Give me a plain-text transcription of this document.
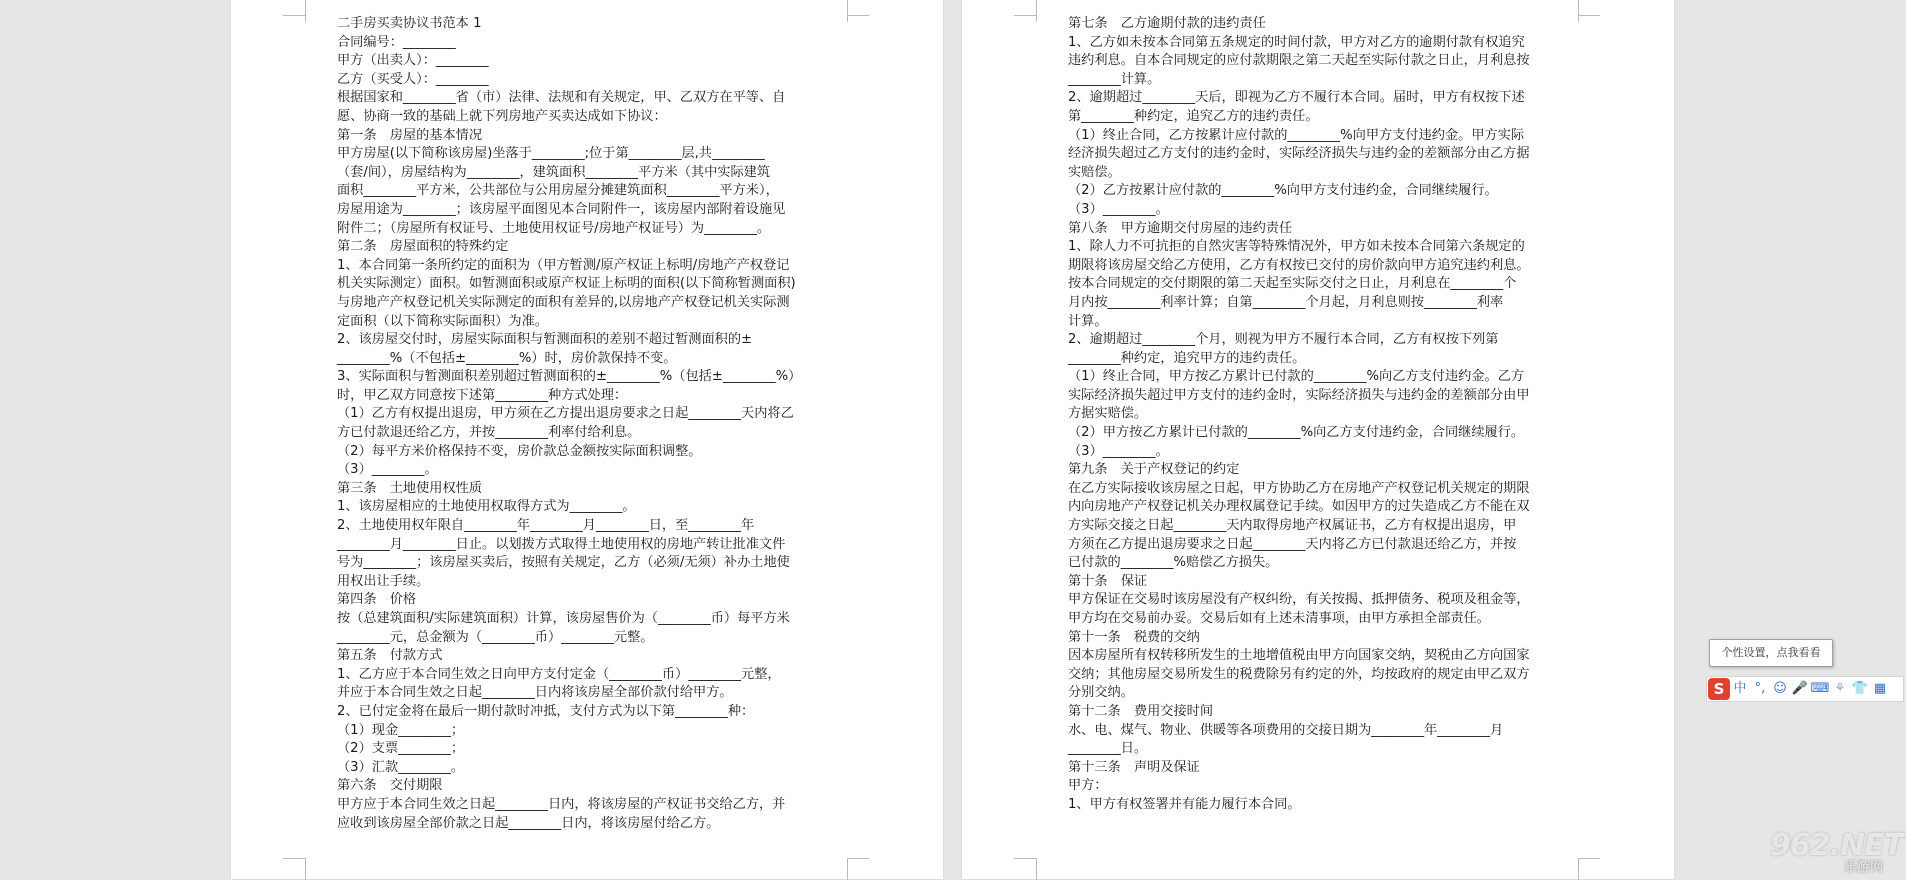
二手房买卖协议书范本 1
合同编号：________
甲方（出卖人）：________
乙方（买受人）：________
根据国家和________省（市）法律、法规和有关规定，甲、乙双方在平等、自
愿、协商一致的基础上就下列房地产买卖达成如下协议：
第一条　房屋的基本情况
甲方房屋(以下简称该房屋)坐落于________;位于第________层,共________
（套/间），房屋结构为________，建筑面积________平方米（其中实际建筑
面积________平方米，公共部位与公用房屋分摊建筑面积________平方米），
房屋用途为________；该房屋平面图见本合同附件一，该房屋内部附着设施见
附件二；（房屋所有权证号、土地使用权证号/房地产权证号）为________。
第二条　房屋面积的特殊约定
1、本合同第一条所约定的面积为（甲方暂测/原产权证上标明/房地产产权登记
机关实际测定）面积。如暂测面积或原产权证上标明的面积(以下简称暂测面积)
与房地产产权登记机关实际测定的面积有差异的,以房地产产权登记机关实际测
定面积（以下简称实际面积）为准。
2、该房屋交付时，房屋实际面积与暂测面积的差别不超过暂测面积的±
________%（不包括±________%）时，房价款保持不变。
3、实际面积与暂测面积差别超过暂测面积的±________%（包括±________%）
时，甲乙双方同意按下述第________种方式处理：
（1）乙方有权提出退房，甲方须在乙方提出退房要求之日起________天内将乙
方已付款退还给乙方，并按________利率付给利息。
（2）每平方米价格保持不变，房价款总金额按实际面积调整。
（3）________。
第三条　土地使用权性质
1、该房屋相应的土地使用权取得方式为________。
2、土地使用权年限自________年________月________日，至________年
________月________日止。以划拨方式取得土地使用权的房地产转让批准文件
号为________；该房屋买卖后，按照有关规定，乙方（必须/无须）补办土地使
用权出让手续。
第四条　价格
按（总建筑面积/实际建筑面积）计算，该房屋售价为（________币）每平方米
________元，总金额为（________币）________元整。
第五条　付款方式
1、乙方应于本合同生效之日向甲方支付定金（________币）________元整，
并应于本合同生效之日起________日内将该房屋全部价款付给甲方。
2、已付定金将在最后一期付款时冲抵，支付方式为以下第________种：
（1）现金________；
（2）支票________；
（3）汇款________。
第六条　交付期限
甲方应于本合同生效之日起________日内，将该房屋的产权证书交给乙方，并
应收到该房屋全部价款之日起________日内，将该房屋付给乙方。
第七条　乙方逾期付款的违约责任
1、乙方如未按本合同第五条规定的时间付款，甲方对乙方的逾期付款有权追究
违约利息。自本合同规定的应付款期限之第二天起至实际付款之日止，月利息按
________计算。
2、逾期超过________天后，即视为乙方不履行本合同。届时，甲方有权按下述
第________种约定，追究乙方的违约责任。
（1）终止合同，乙方按累计应付款的________%向甲方支付违约金。甲方实际
经济损失超过乙方支付的违约金时，实际经济损失与违约金的差额部分由乙方据
实赔偿。
（2）乙方按累计应付款的________%向甲方支付违约金，合同继续履行。
（3）________。
第八条　甲方逾期交付房屋的违约责任
1、除人力不可抗拒的自然灾害等特殊情况外，甲方如未按本合同第六条规定的
期限将该房屋交给乙方使用，乙方有权按已交付的房价款向甲方追究违约利息。
按本合同规定的交付期限的第二天起至实际交付之日止，月利息在________个
月内按________利率计算；自第________个月起，月利息则按________利率
计算。
2、逾期超过________个月，则视为甲方不履行本合同，乙方有权按下列第
________种约定，追究甲方的违约责任。
（1）终止合同，甲方按乙方累计已付款的________%向乙方支付违约金。乙方
实际经济损失超过甲方支付的违约金时，实际经济损失与违约金的差额部分由甲
方据实赔偿。
（2）甲方按乙方累计已付款的________%向乙方支付违约金，合同继续履行。
（3）________。
第九条　关于产权登记的约定
在乙方实际接收该房屋之日起，甲方协助乙方在房地产产权登记机关规定的期限
内向房地产产权登记机关办理权属登记手续。如因甲方的过失造成乙方不能在双
方实际交接之日起________天内取得房地产权属证书，乙方有权提出退房，甲
方须在乙方提出退房要求之日起________天内将乙方已付款退还给乙方，并按
已付款的________%赔偿乙方损失。
第十条　保证
甲方保证在交易时该房屋没有产权纠纷，有关按揭、抵押债务、税项及租金等，
甲方均在交易前办妥。交易后如有上述未清事项，由甲方承担全部责任。
第十一条　税费的交纳
因本房屋所有权转移所发生的土地增值税由甲方向国家交纳，契税由乙方向国家
交纳；其他房屋交易所发生的税费除另有约定的外，均按政府的规定由甲乙双方
分别交纳。
第十二条　费用交接时间
水、电、煤气、物业、供暖等各项费用的交接日期为________年________月
________日。
第十三条　声明及保证
甲方：
1、甲方有权签署并有能力履行本合同。
个性设置，点我看看
S 中 °, ☺ 🎤 ⌨ ⚘ 👕 ▦
962.NET
乐游网
